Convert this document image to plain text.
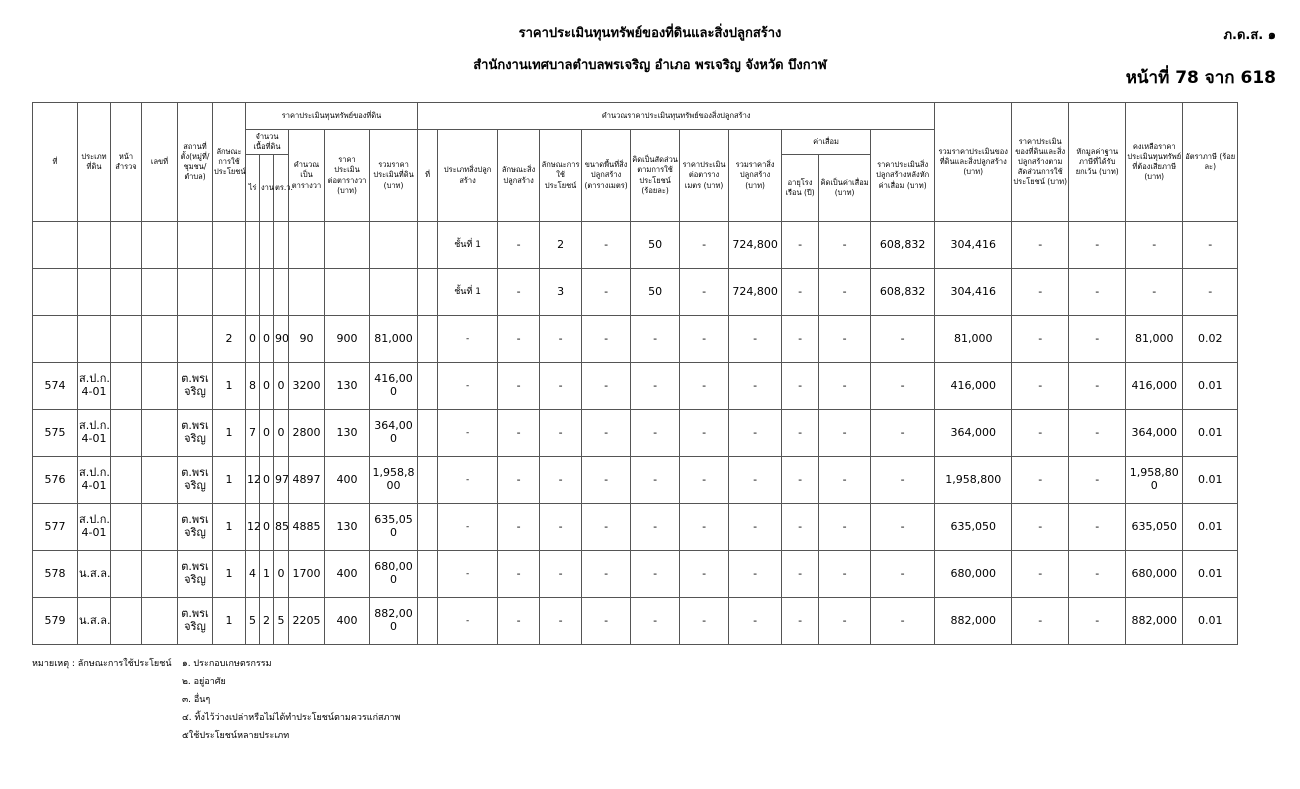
ราคาประเมินทุนทรัพย์ของที่ดินและสิ่งปลูกสร้าง
สำนักงานเทศบาลตำบลพรเจริญ อำเภอ พรเจริญ จังหวัด บึงกาฬ
ภ.ด.ส. ๑
หน้าที่ 78 จาก 618
ที่	ประเภทที่ดิน	หน้าสำรวจ	เลขที่	สถานที่ตั้ง(หมู่ที่/ชุมชน/ตำบล)	ลักษณะการใช้ประโยชน์	ราคาประเมินทุนทรัพย์ของที่ดิน						คำนวณราคาประเมินทุนทรัพย์ของสิ่งปลูกสร้าง											รวมราคาประเมินของที่ดินและสิ่งปลูกสร้าง (บาท)	ราคาประเมินของที่ดินและสิ่งปลูกสร้างตามสัดส่วนการใช้ประโยชน์ (บาท)	หักมูลค่าฐานภาษีที่ได้รับยกเว้น (บาท)	คงเหลือราคาประเมินทุนทรัพย์ที่ต้องเสียภาษี (บาท)	อัตราภาษี (ร้อยละ)
						จำนวนเนื้อที่ดิน			คำนวณเป็นตารางวา	ราคาประเมินต่อตารางวา (บาท)	รวมราคาประเมินที่ดิน (บาท)	ที่	ประเภทสิ่งปลูกสร้าง	ลักษณะสิ่งปลูกสร้าง	ลักษณะการใช้ประโยชน์	ขนาดพื้นที่สิ่งปลูกสร้าง (ตารางเมตร)	คิดเป็นสัดส่วนตามการใช้ประโยชน์ (ร้อยละ)	ราคาประเมินต่อตารางเมตร (บาท)	รวมราคาสิ่งปลูกสร้าง (บาท)	ค่าเสื่อม		ราคาประเมินสิ่งปลูกสร้างหลังหักค่าเสื่อม (บาท)					
						ไร่	งาน	ตร.ว.												อายุโรงเรือน (ปี)	คิดเป็นค่าเสื่อม (บาท)						
													ชั้นที่ 1	-	2	-	50	-	724,800	-	-	608,832	304,416	-	-	-	-
													ชั้นที่ 1	-	3	-	50	-	724,800	-	-	608,832	304,416	-	-	-	-
					2	0	0	90	90	900	81,000		-	-	-	-	-	-	-	-	-	-	81,000	-	-	81,000	0.02
574	ส.ป.ก. 4-01			ต.พรเจริญ	1	8	0	0	3200	130	416,000		-	-	-	-	-	-	-	-	-	-	416,000	-	-	416,000	0.01
575	ส.ป.ก. 4-01			ต.พรเจริญ	1	7	0	0	2800	130	364,000		-	-	-	-	-	-	-	-	-	-	364,000	-	-	364,000	0.01
576	ส.ป.ก. 4-01			ต.พรเจริญ	1	12	0	97	4897	400	1,958,800		-	-	-	-	-	-	-	-	-	-	1,958,800	-	-	1,958,800	0.01
577	ส.ป.ก. 4-01			ต.พรเจริญ	1	12	0	85	4885	130	635,050		-	-	-	-	-	-	-	-	-	-	635,050	-	-	635,050	0.01
578	น.ส.ล.			ต.พรเจริญ	1	4	1	0	1700	400	680,000		-	-	-	-	-	-	-	-	-	-	680,000	-	-	680,000	0.01
579	น.ส.ล.			ต.พรเจริญ	1	5	2	5	2205	400	882,000		-	-	-	-	-	-	-	-	-	-	882,000	-	-	882,000	0.01
หมายเหตุ : ลักษณะการใช้ประโยชน์ ๑. ประกอบเกษตรกรรม
๒. อยู่อาศัย
๓. อื่นๆ
๔. ทิ้งไว้ว่างเปล่าหรือไม่ได้ทำประโยชน์ตามควรแก่สภาพ
๕ใช้ประโยชน์หลายประเภท
